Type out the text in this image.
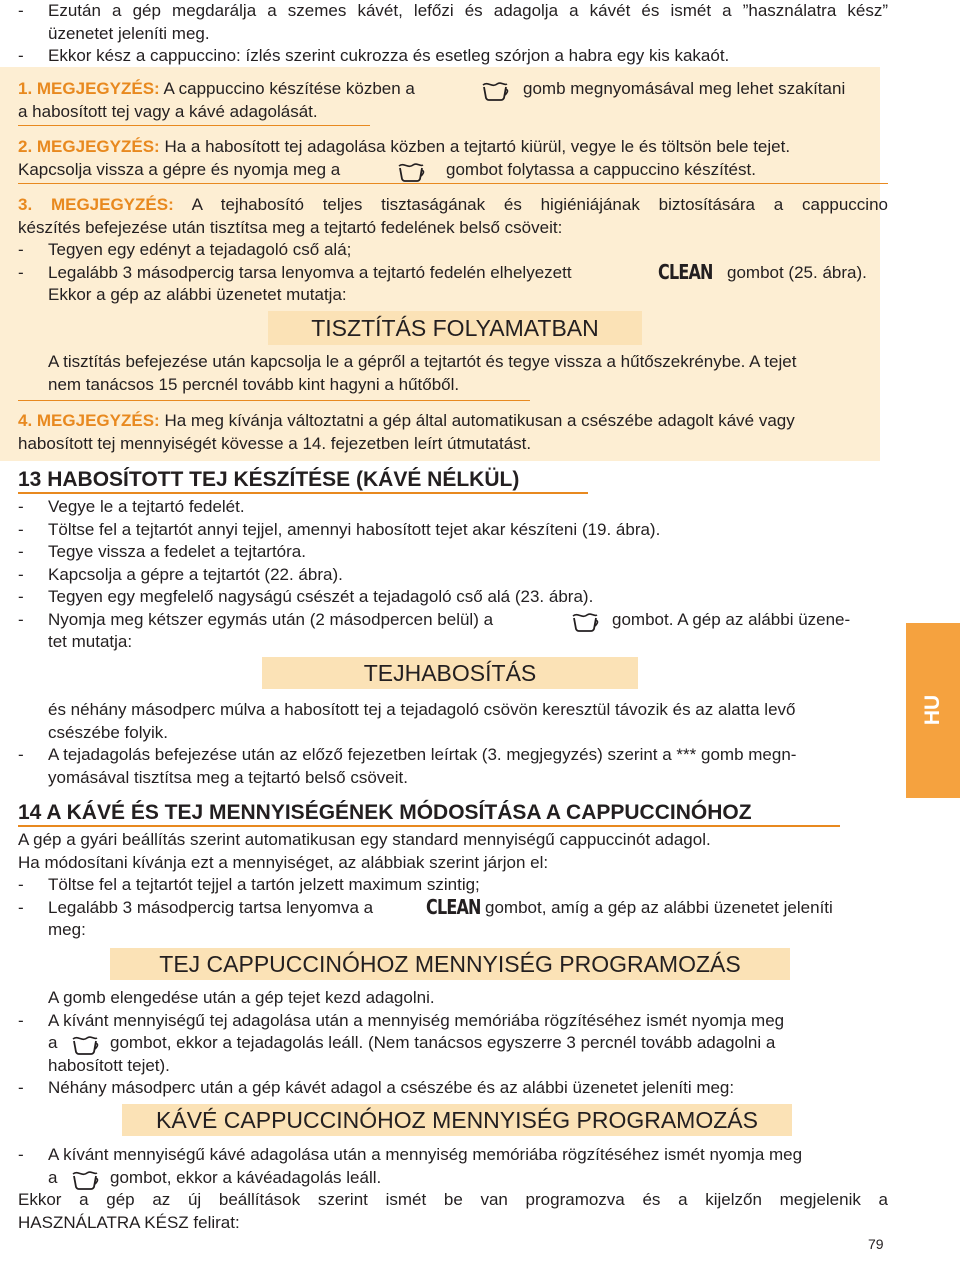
- Ezután a gép megdarálja a szemes kávét, lefőzi és adagolja a kávét és ismét a ”használatra kész”
üzenetet jeleníti meg.
- Ekkor kész a cappuccino: ízlés szerint cukrozza és esetleg szórjon a habra egy kis kakaót.
1. MEGJEGYZÉS: A cappuccino készítése közben a	gomb megnyomásával meg lehet szakítani
a habosított tej vagy a kávé adagolását.
2. MEGJEGYZÉS: Ha a habosított tej adagolása közben a tejtartó kiürül, vegye le és töltsön bele tejet.
Kapcsolja vissza a gépre és nyomja meg a	gombot folytassa a cappuccino készítést.
3. MEGJEGYZÉS: A tejhabosító teljes tisztaságának és higiéniájának biztosítására a cappuccino
készítés befejezése után tisztítsa meg a tejtartó fedelének belső csöveit:
- Tegyen egy edényt a tejadagoló cső alá;
- Legalább 3 másodpercig tarsa lenyomva a tejtartó fedelén elhelyezett	CLEAN gombot (25. ábra).
Ekkor a gép az alábbi üzenetet mutatja:
TISZTÍTÁS FOLYAMATBAN
A tisztítás befejezése után kapcsolja le a gépről a tejtartót és tegye vissza a hűtőszekrénybe. A tejet
nem tanácsos 15 percnél tovább kint hagyni a hűtőből.
4. MEGJEGYZÉS: Ha meg kívánja változtatni a gép által automatikusan a csészébe adagolt kávé vagy
habosított tej mennyiségét kövesse a 14. fejezetben leírt útmutatást.
13 HABOSÍTOTT TEJ KÉSZÍTÉSE (KÁVÉ NÉLKÜL)
- Vegye le a tejtartó fedelét.
- Töltse fel a tejtartót annyi tejjel, amennyi habosított tejet akar készíteni (19. ábra).
- Tegye vissza a fedelet a tejtartóra.
- Kapcsolja a gépre a tejtartót (22. ábra).
- Tegyen egy megfelelő nagyságú csészét a tejadagoló cső alá (23. ábra).
- Nyomja meg kétszer egymás után (2 másodpercen belül) a	gombot. A gép az alábbi üzene-
tet mutatja:
TEJHABOSÍTÁS
és néhány másodperc múlva a habosított tej a tejadagoló csövön keresztül távozik és az alatta levő
csészébe folyik.
- A tejadagolás befejezése után az előző fejezetben leírtak (3. megjegyzés) szerint a *** gomb megn-
yomásával tisztítsa meg a tejtartó belső csöveit.
14 A KÁVÉ ÉS TEJ MENNYISÉGÉNEK MÓDOSÍTÁSA A CAPPUCCINÓHOZ
A gép a gyári beállítás szerint automatikusan egy standard mennyiségű cappuccinót adagol.
Ha módosítani kívánja ezt a mennyiséget, az alábbiak szerint járjon el:
- Töltse fel a tejtartót tejjel a tartón jelzett maximum szintig;
- Legalább 3 másodpercig tartsa lenyomva a	CLEAN gombot, amíg a gép az alábbi üzenetet jeleníti
meg:
TEJ CAPPUCCINÓHOZ MENNYISÉG PROGRAMOZÁS
A gomb elengedése után a gép tejet kezd adagolni.
- A kívánt mennyiségű tej adagolása után a mennyiség memóriába rögzítéséhez ismét nyomja meg
a	gombot, ekkor a tejadagolás leáll. (Nem tanácsos egyszerre 3 percnél tovább adagolni a
habosított tejet).
- Néhány másodperc után a gép kávét adagol a csészébe és az alábbi üzenetet jeleníti meg:
KÁVÉ CAPPUCCINÓHOZ MENNYISÉG PROGRAMOZÁS
- A kívánt mennyiségű kávé adagolása után a mennyiség memóriába rögzítéséhez ismét nyomja meg
a	gombot, ekkor a kávéadagolás leáll.
Ekkor a gép az új beállítások szerint ismét be van programozva és a kijelzőn megjelenik a
HASZNÁLATRA KÉSZ felirat:
HU
79
